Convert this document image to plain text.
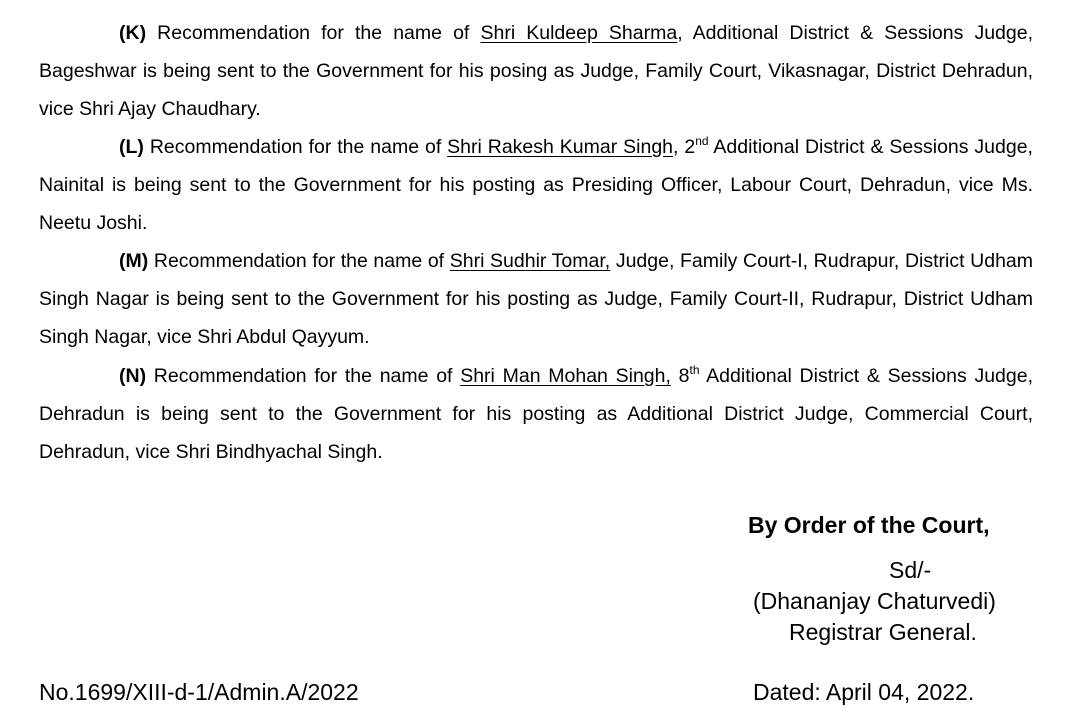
(K) Recommendation for the name of Shri Kuldeep Sharma, Additional District & Sessions Judge, Bageshwar is being sent to the Government for his posing as Judge, Family Court, Vikasnagar, District Dehradun, vice Shri Ajay Chaudhary.

(L) Recommendation for the name of Shri Rakesh Kumar Singh, 2nd Additional District & Sessions Judge, Nainital is being sent to the Government for his posting as Presiding Officer, Labour Court, Dehradun, vice Ms. Neetu Joshi.

(M) Recommendation for the name of Shri Sudhir Tomar, Judge, Family Court-I, Rudrapur, District Udham Singh Nagar is being sent to the Government for his posting as Judge, Family Court-II, Rudrapur, District Udham Singh Nagar, vice Shri Abdul Qayyum.

(N) Recommendation for the name of Shri Man Mohan Singh, 8th Additional District & Sessions Judge, Dehradun is being sent to the Government for his posting as Additional District Judge, Commercial Court, Dehradun, vice Shri Bindhyachal Singh.

By Order of the Court,
Sd/-
(Dhananjay Chaturvedi)
Registrar General.
No.1699/XIII-d-1/Admin.A/2022	Dated: April 04, 2022.
